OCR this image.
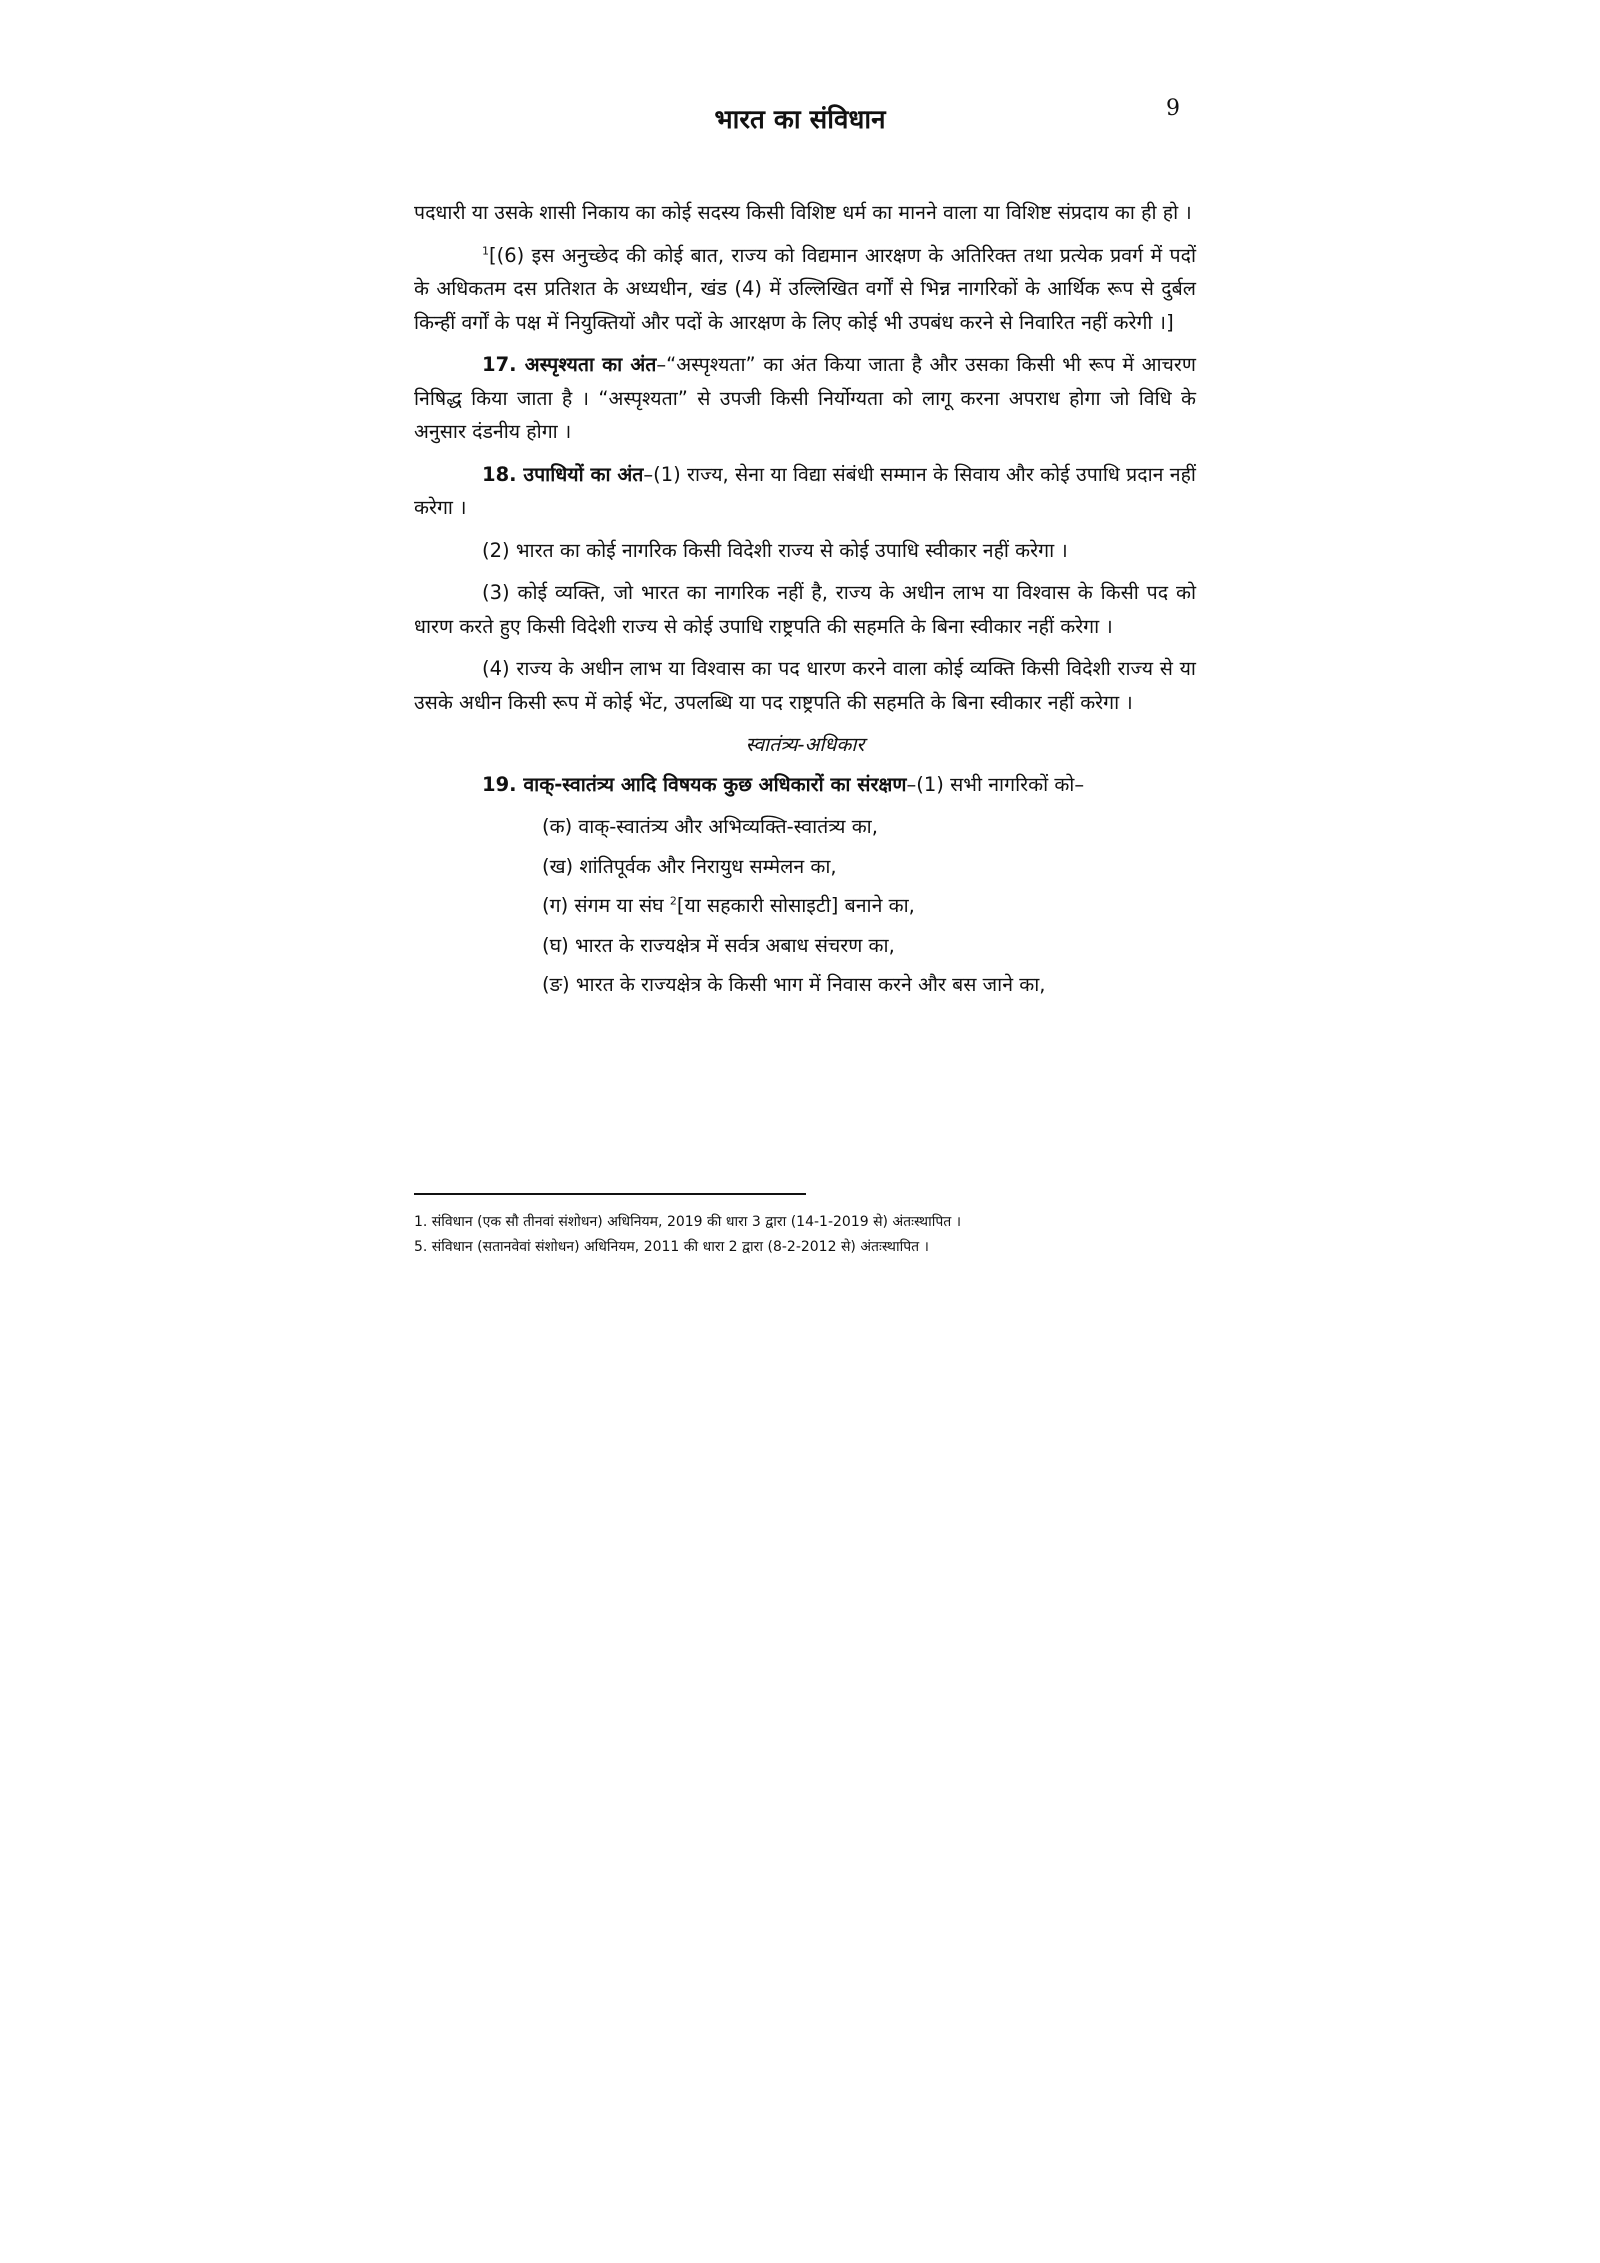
भारत का संविधान	9

पदधारी या उसके शासी निकाय का कोई सदस्य किसी विशिष्ट धर्म का मानने वाला या विशिष्ट संप्रदाय का ही हो ।

$^1$[(6) इस अनुच्छेद की कोई बात, राज्य को विद्यमान आरक्षण के अतिरिक्त तथा प्रत्येक प्रवर्ग में पदों के अधिकतम दस प्रतिशत के अध्यधीन, खंड (4) में उल्लिखित वर्गों से भिन्न नागरिकों के आर्थिक रूप से दुर्बल किन्हीं वर्गों के पक्ष में नियुक्तियों और पदों के आरक्षण के लिए कोई भी उपबंध करने से निवारित नहीं करेगी ।]

17. अस्पृश्यता का अंत–“अस्पृश्यता” का अंत किया जाता है और उसका किसी भी रूप में आचरण निषिद्ध किया जाता है । “अस्पृश्यता” से उपजी किसी निर्योग्यता को लागू करना अपराध होगा जो विधि के अनुसार दंडनीय होगा ।

18. उपाधियों का अंत–(1) राज्य, सेना या विद्या संबंधी सम्मान के सिवाय और कोई उपाधि प्रदान नहीं करेगा ।

(2) भारत का कोई नागरिक किसी विदेशी राज्य से कोई उपाधि स्वीकार नहीं करेगा ।

(3) कोई व्यक्ति, जो भारत का नागरिक नहीं है, राज्य के अधीन लाभ या विश्वास के किसी पद को धारण करते हुए किसी विदेशी राज्य से कोई उपाधि राष्ट्रपति की सहमति के बिना स्वीकार नहीं करेगा ।

(4) राज्य के अधीन लाभ या विश्वास का पद धारण करने वाला कोई व्यक्ति किसी विदेशी राज्य से या उसके अधीन किसी रूप में कोई भेंट, उपलब्धि या पद राष्ट्रपति की सहमति के बिना स्वीकार नहीं करेगा ।

स्वातंत्र्य-अधिकार

19. वाक्-स्वातंत्र्य आदि विषयक कुछ अधिकारों का संरक्षण–(1) सभी नागरिकों को–

(क) वाक्-स्वातंत्र्य और अभिव्यक्ति-स्वातंत्र्य का,

(ख) शांतिपूर्वक और निरायुध सम्मेलन का,

(ग) संगम या संघ $^2$[या सहकारी सोसाइटी] बनाने का,

(घ) भारत के राज्यक्षेत्र में सर्वत्र अबाध संचरण का,

(ङ) भारत के राज्यक्षेत्र के किसी भाग में निवास करने और बस जाने का,

1. संविधान (एक सौ तीनवां संशोधन) अधिनियम, 2019 की धारा 3 द्वारा (14-1-2019 से) अंतःस्थापित ।

5. संविधान (सतानवेवां संशोधन) अधिनियम, 2011 की धारा 2 द्वारा (8-2-2012 से) अंतःस्थापित ।
